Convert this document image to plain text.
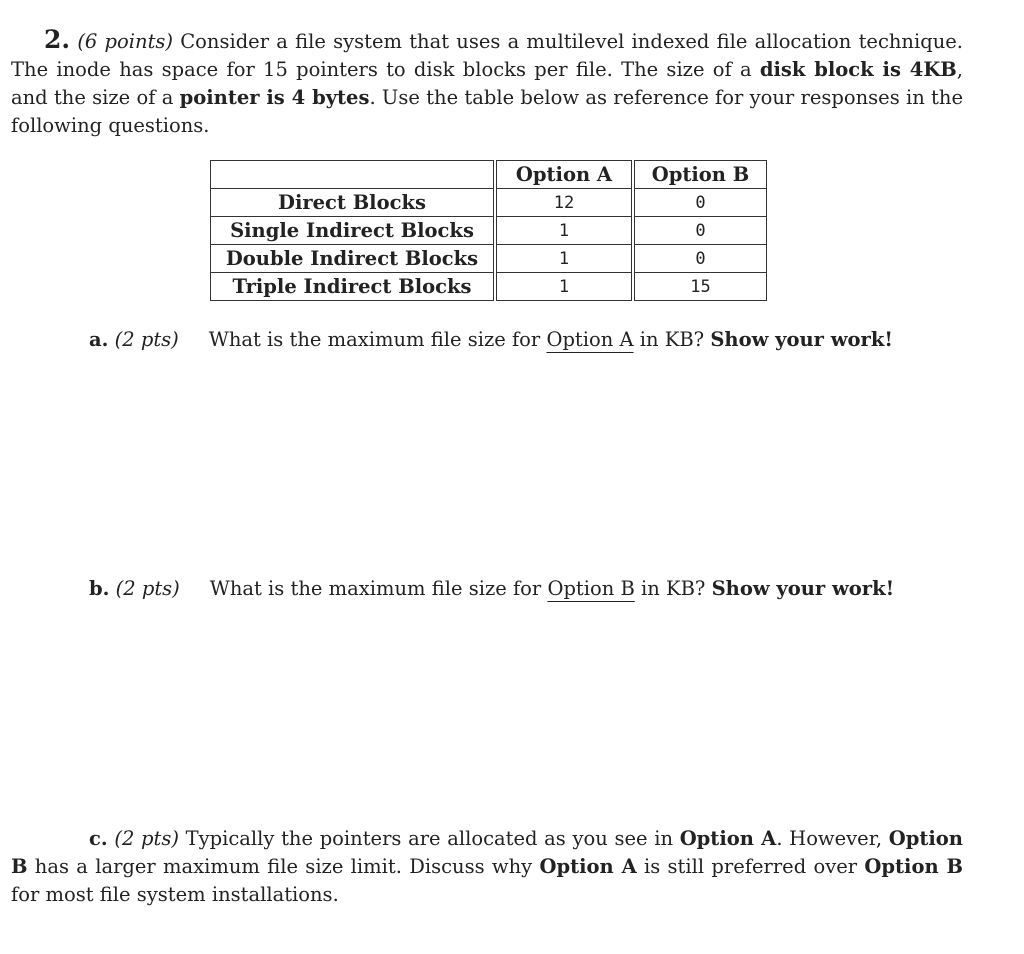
2. (6 points) Consider a file system that uses a multilevel indexed file allocation technique. The inode has space for 15 pointers to disk blocks per file. The size of a disk block is 4KB, and the size of a pointer is 4 bytes. Use the table below as reference for your responses in the following questions.
	Option A	Option B
Direct Blocks	12	0
Single Indirect Blocks	1	0
Double Indirect Blocks	1	0
Triple Indirect Blocks	1	15
a. (2 pts) What is the maximum file size for Option A in KB? Show your work!
b. (2 pts) What is the maximum file size for Option B in KB? Show your work!
c. (2 pts) Typically the pointers are allocated as you see in Option A. However, Option B has a larger maximum file size limit. Discuss why Option A is still preferred over Option B for most file system installations.
